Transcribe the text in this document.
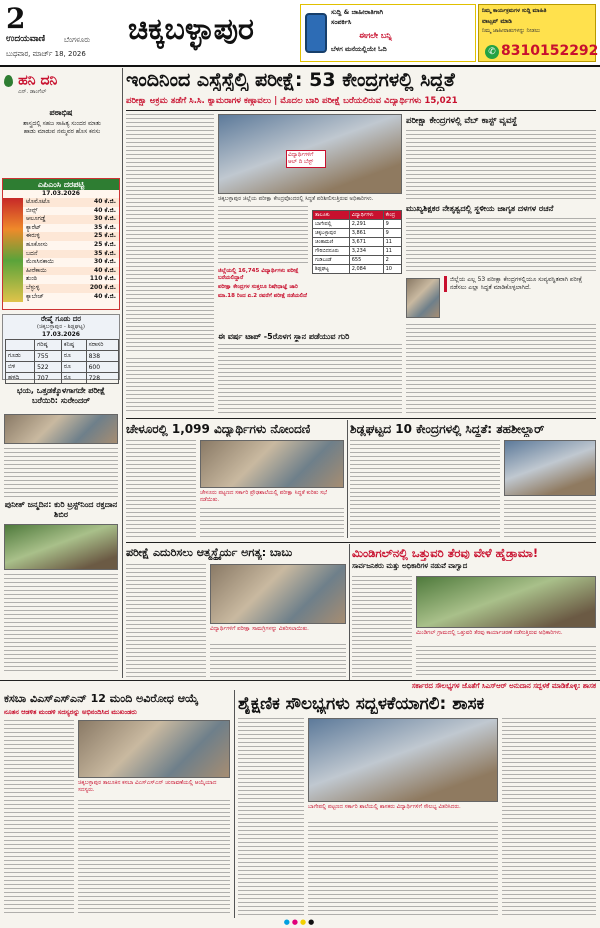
2
ಉದಯವಾಣಿ	ಬೆಂಗಳೂರು
ಬುಧವಾರ, ಮಾರ್ಚ್ 18, 2026
ಚಿಕ್ಕಬಳ್ಳಾಪುರ	ಸುದ್ದಿ & ಜಾಹೀರಾತಿಗಾಗಿ
ಸಂಪರ್ಕಿಸಿ
ಈಗಲೇ ಬನ್ನಿ
ಬೆಳಗ ಮನೆಯಲ್ಲಿಯೇ ಓದಿ
ನಿಮ್ಮ ಕಾರ್ಯಕ್ರಮಗಳ ಸುದ್ದಿ ಮಾಹಿತಿ
ವಾಟ್ಸಪ್ ಮಾಡಿ
ನಿಮ್ಮ ಜಾಹೀರಾತುಗಳನ್ನು ನೀಡಲು
✆ 8310152292
ಹನಿ ದನಿ
ಎನ್. ಡಾಂಗೆಲ್‌
ಪಠಾಭಿಷ
ಶಾಸ್ತ್ರದಲ್ಲಿ ಸಹಜ ಸಾಹಿತ್ಯ ಸುಂದರ ಮಾತು ಹಾಡು ಮಾಡುವ ನಮ್ಮವರ ಹೊಸ ಕನಸು
ಎಪಿಎಂಸಿ ದರಪಟ್ಟಿ
17.03.2026
ಟೊಮೊಟೊ	40 ಕೆ.ಜಿ.
ಬೀನ್ಸ್	40 ಕೆ.ಜಿ.
ಆಲೂಗಡ್ಡೆ	30 ಕೆ.ಜಿ.
ಕ್ಯಾರೆಟ್	35 ಕೆ.ಜಿ.
ಈರುಳ್ಳಿ	25 ಕೆ.ಜಿ.
ಹೂಕೋಸು	25 ಕೆ.ಜಿ.
ಬದನೆ	35 ಕೆ.ಜಿ.
ಮೆಣಸಿನಕಾಯಿ	30 ಕೆ.ಜಿ.
ಹೀರೆಕಾಯಿ	40 ಕೆ.ಜಿ.
ಶುಂಠಿ	110 ಕೆ.ಜಿ.
ಬೆಳ್ಳುಳ್ಳಿ	200 ಕೆ.ಜಿ.
ಕ್ಯಾಬೇಜ್	40 ಕೆ.ಜಿ.
ರೇಷ್ಮೆ ಗೂಡು ದರ
(ಚಿಕ್ಕಬಳ್ಳಾಪುರ - ಶಿಡ್ಲಘಟ್ಟ)
17.03.2026
	ಗರಿಷ್ಠ	ಕನಿಷ್ಠ	ಸರಾಸರಿ
ಗೂಡು	755	ರೂ	838
ಬಿಳಿ	522	ರೂ	600
ಹಳದಿ	707	ರೂ	728
ಭಯ, ಒತ್ತಡಕ್ಕೊಳಗಾಗದೇ ಪರೀಕ್ಷೆ ಬರೆಯಿರಿ: ಸುರೇಂದರ್
ಪುನೀತ್ ಜನ್ಮದಿನ: ಕುರಿ ಟ್ರಸ್ಟ್‌ನಿಂದ ರಕ್ತದಾನ ಶಿಬಿರ
ಇಂದಿನಿಂದ ಎಸ್ಸೆಸ್ಸೆಲ್ಸಿ ಪರೀಕ್ಷೆ: 53 ಕೇಂದ್ರಗಳಲ್ಲಿ ಸಿದ್ಧತೆ
ಪರೀಕ್ಷಾ ಅಕ್ರಮ ತಡೆಗೆ ಸಿ.ಸಿ. ಕ್ಯಾಮರಾಗಳ ಕಣ್ಗಾವಲು | ಮೊದಲ ಬಾರಿ ಪರೀಕ್ಷೆ ಬರೆಯಲಿರುವ ವಿದ್ಯಾರ್ಥಿಗಳು 15,021
ವಿದ್ಯಾರ್ಥಿಗಳಿಗೆ ಆಲ್ ದಿ ಬೆಸ್ಟ್
ಚಿಕ್ಕಬಳ್ಳಾಪುರ ಜಿಲ್ಲೆಯ ಪರೀಕ್ಷಾ ಕೇಂದ್ರವೊಂದರಲ್ಲಿ ಸಿದ್ಧತೆ ಪರಿಶೀಲಿಸುತ್ತಿರುವ ಅಧಿಕಾರಿಗಳು.
ಜಿಲ್ಲೆಯಲ್ಲಿ 16,745 ವಿದ್ಯಾರ್ಥಿಗಳು ಪರೀಕ್ಷೆ ಬರೆಯಲಿದ್ದಾರೆ
ಪರೀಕ್ಷಾ ಕೇಂದ್ರಗಳ ಸುತ್ತಲೂ ನಿಷೇಧಾಜ್ಞೆ ಜಾರಿ
ಮಾ.18 ರಿಂದ ಏ.2 ರವರೆಗೆ ಪರೀಕ್ಷೆ ನಡೆಯಲಿದೆ
ತಾಲೂಕು	ವಿದ್ಯಾರ್ಥಿಗಳು	ಕೇಂದ್ರ
ಬಾಗೇಪಲ್ಲಿ	2,291	9
ಚಿಕ್ಕಬಳ್ಳಾಪುರ	3,861	9
ಚಿಂತಾಮಣಿ	3,671	11
ಗೌರಿಬಿದನೂರು	3,234	11
ಗುಡಿಬಂಡೆ	655	2
ಶಿಡ್ಲಘಟ್ಟ	2,084	10
ಈ ವರ್ಷ ಟಾಪ್ -5ರೊಳಗ ಸ್ಥಾನ ಪಡೆಯುವ ಗುರಿ
ಪರೀಕ್ಷಾ ಕೇಂದ್ರಗಳಲ್ಲಿ ವೆಬ್ ಕಾಸ್ಟ್ ವ್ಯವಸ್ಥೆ
ಮುಖ್ಯಶಿಕ್ಷಕರ ನೇತೃತ್ವದಲ್ಲಿ ಸ್ಥಳೀಯ ಜಾಗೃತ ದಳಗಳ ರಚನೆ
ಜಿಲ್ಲೆಯ ಎಲ್ಲ 53 ಪರೀಕ್ಷಾ ಕೇಂದ್ರಗಳಲ್ಲಿಯೂ ಸುವ್ಯವಸ್ಥಿತವಾಗಿ ಪರೀಕ್ಷೆ ನಡೆಸಲು ಎಲ್ಲಾ ಸಿದ್ಧತೆ ಮಾಡಿಕೊಳ್ಳಲಾಗಿದೆ.
ಚೇಳೂರಲ್ಲಿ 1,099 ವಿದ್ಯಾರ್ಥಿಗಳು ನೋಂದಣಿ	ಶಿಡ್ಲಘಟ್ಟದ 10 ಕೇಂದ್ರಗಳಲ್ಲಿ ಸಿದ್ಧತೆ: ತಹಶೀಲ್ದಾರ್
ಚೇಳೂರು ಪಟ್ಟಣದ ಸರ್ಕಾರಿ ಪ್ರೌಢಶಾಲೆಯಲ್ಲಿ ಪರೀಕ್ಷಾ ಸಿದ್ಧತೆ ಕುರಿತು ಸಭೆ ನಡೆಯಿತು.
ಪರೀಕ್ಷೆ ಎದುರಿಸಲು ಆತ್ಮಸ್ಥೈರ್ಯ ಅಗತ್ಯ: ಬಾಬು	ಮಿಂಡಿಗಲ್‌ನಲ್ಲಿ ಒತ್ತುವರಿ ತೆರವು ವೇಳೆ ಹೈಡ್ರಾಮಾ!
ಸಾರ್ವಜನಿಕರು ಮತ್ತು ಅಧಿಕಾರಿಗಳ ನಡುವೆ ವಾಗ್ವಾದ
ವಿದ್ಯಾರ್ಥಿಗಳಿಗೆ ಪರೀಕ್ಷಾ ಸಾಮಗ್ರಿಗಳನ್ನು ವಿತರಿಸಲಾಯಿತು.
ಮಿಂಡಿಗಲ್ ಗ್ರಾಮದಲ್ಲಿ ಒತ್ತುವರಿ ತೆರವು ಕಾರ್ಯಾಚರಣೆ ನಡೆಸುತ್ತಿರುವ ಅಧಿಕಾರಿಗಳು.
ಸರ್ಕಾರದ ಸೌಲಭ್ಯಗಳ ಜೊತೆಗೆ ಸಿಎಸ್ಆರ್ ಅನುದಾನ ಸದ್ಬಳಕೆ ಮಾಡಿಕೊಳ್ಳಿ: ಶಾಸಕ
ಕಸಬಾ ವಿಎಸ್ಎಸ್‌ಎನ್ 12 ಮಂದಿ ಅವಿರೋಧ ಆಯ್ಕೆ
ನೂತನ ಆಡಳಿತ ಮಂಡಳಿ ಸದಸ್ಯರನ್ನು ಅಭಿನಂದಿಸಿದ ಮುಖಂಡರು
ಚಿಕ್ಕಬಳ್ಳಾಪುರ ತಾಲೂಕಿನ ಕಸಬಾ ವಿಎಸ್ಎಸ್‌ಎನ್ ಚುನಾವಣೆಯಲ್ಲಿ ಆಯ್ಕೆಯಾದ ಸದಸ್ಯರು.
ಶೈಕ್ಷಣಿಕ ಸೌಲಭ್ಯಗಳು ಸದ್ಬಳಕೆಯಾಗಲಿ: ಶಾಸಕ
ಬಾಗೇಪಲ್ಲಿ ಪಟ್ಟಣದ ಸರ್ಕಾರಿ ಶಾಲೆಯಲ್ಲಿ ಶಾಸಕರು ವಿದ್ಯಾರ್ಥಿಗಳಿಗೆ ಸೌಲಭ್ಯ ವಿತರಿಸಿದರು.
●●●●
